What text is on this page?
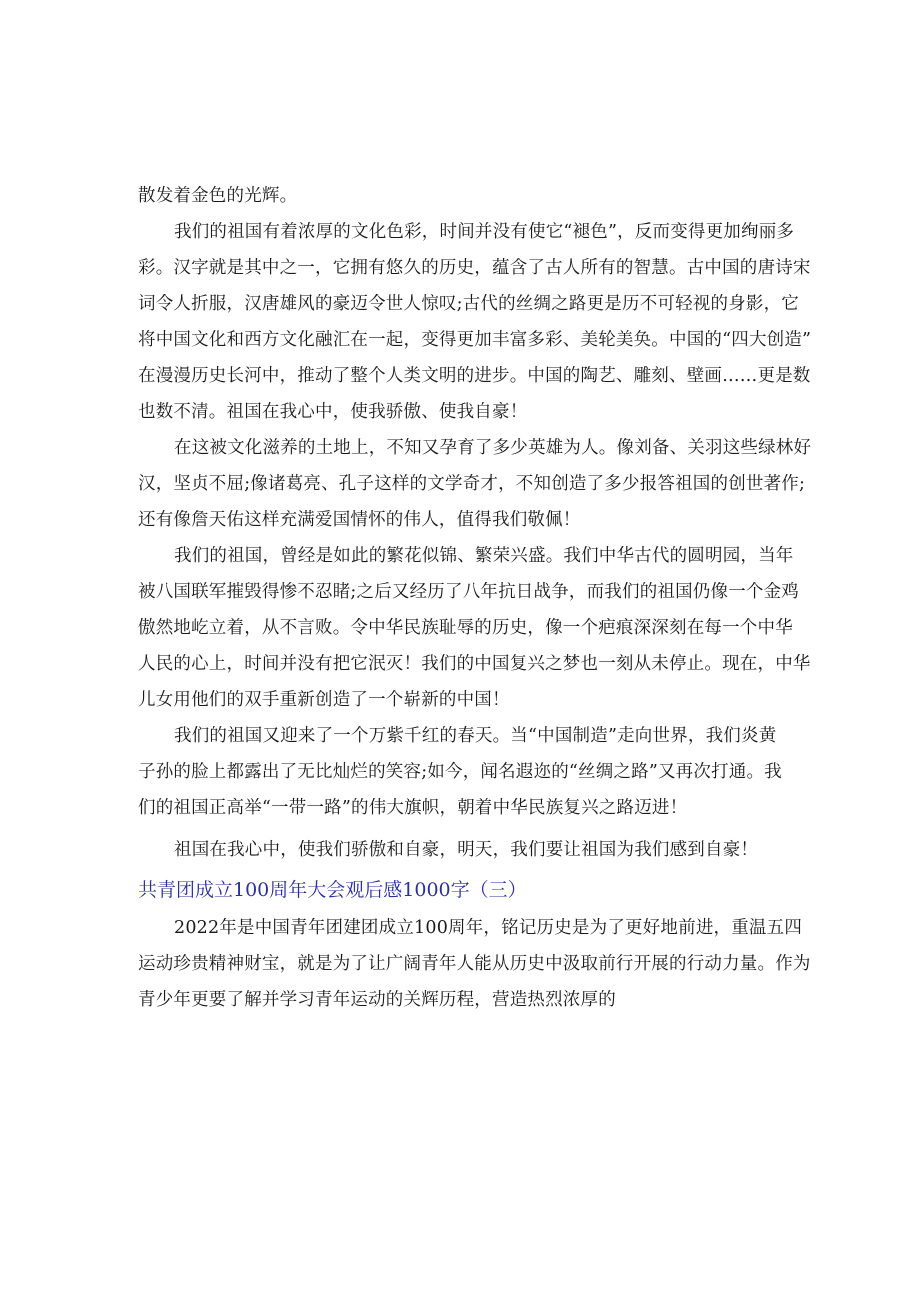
散发着金色的光辉。
我们的祖国有着浓厚的文化色彩，时间并没有使它“褪色”，反而变得更加绚丽多
彩。汉字就是其中之一，它拥有悠久的历史，蕴含了古人所有的智慧。古中国的唐诗宋
词令人折服，汉唐雄风的豪迈令世人惊叹;古代的丝绸之路更是历不可轻视的身影，它
将中国文化和西方文化融汇在一起，变得更加丰富多彩、美轮美奂。中国的“四大创造”
在漫漫历史长河中，推动了整个人类文明的进步。中国的陶艺、雕刻、壁画……更是数
也数不清。祖国在我心中，使我骄傲、使我自豪！
在这被文化滋养的土地上，不知又孕育了多少英雄为人。像刘备、关羽这些绿林好
汉，坚贞不屈;像诸葛亮、孔子这样的文学奇才，不知创造了多少报答祖国的创世著作;
还有像詹天佑这样充满爱国情怀的伟人，值得我们敬佩！
我们的祖国，曾经是如此的繁花似锦、繁荣兴盛。我们中华古代的圆明园，当年
被八国联军摧毁得惨不忍睹;之后又经历了八年抗日战争，而我们的祖国仍像一个金鸡
傲然地屹立着，从不言败。令中华民族耻辱的历史，像一个疤痕深深刻在每一个中华
人民的心上，时间并没有把它泯灭！我们的中国复兴之梦也一刻从未停止。现在，中华
儿女用他们的双手重新创造了一个崭新的中国！
我们的祖国又迎来了一个万紫千红的春天。当“中国制造”走向世界，我们炎黄
子孙的脸上都露出了无比灿烂的笑容;如今，闻名遐迩的“丝绸之路”又再次打通。我
们的祖国正高举“一带一路”的伟大旗帜，朝着中华民族复兴之路迈进！
祖国在我心中，使我们骄傲和自豪，明天，我们要让祖国为我们感到自豪！
共青团成立100周年大会观后感1000字（三）
2022年是中国青年团建团成立100周年，铭记历史是为了更好地前进，重温五四
运动珍贵精神财宝，就是为了让广阔青年人能从历史中汲取前行开展的行动力量。作为
青少年更要了解并学习青年运动的关辉历程，营造热烈浓厚的
